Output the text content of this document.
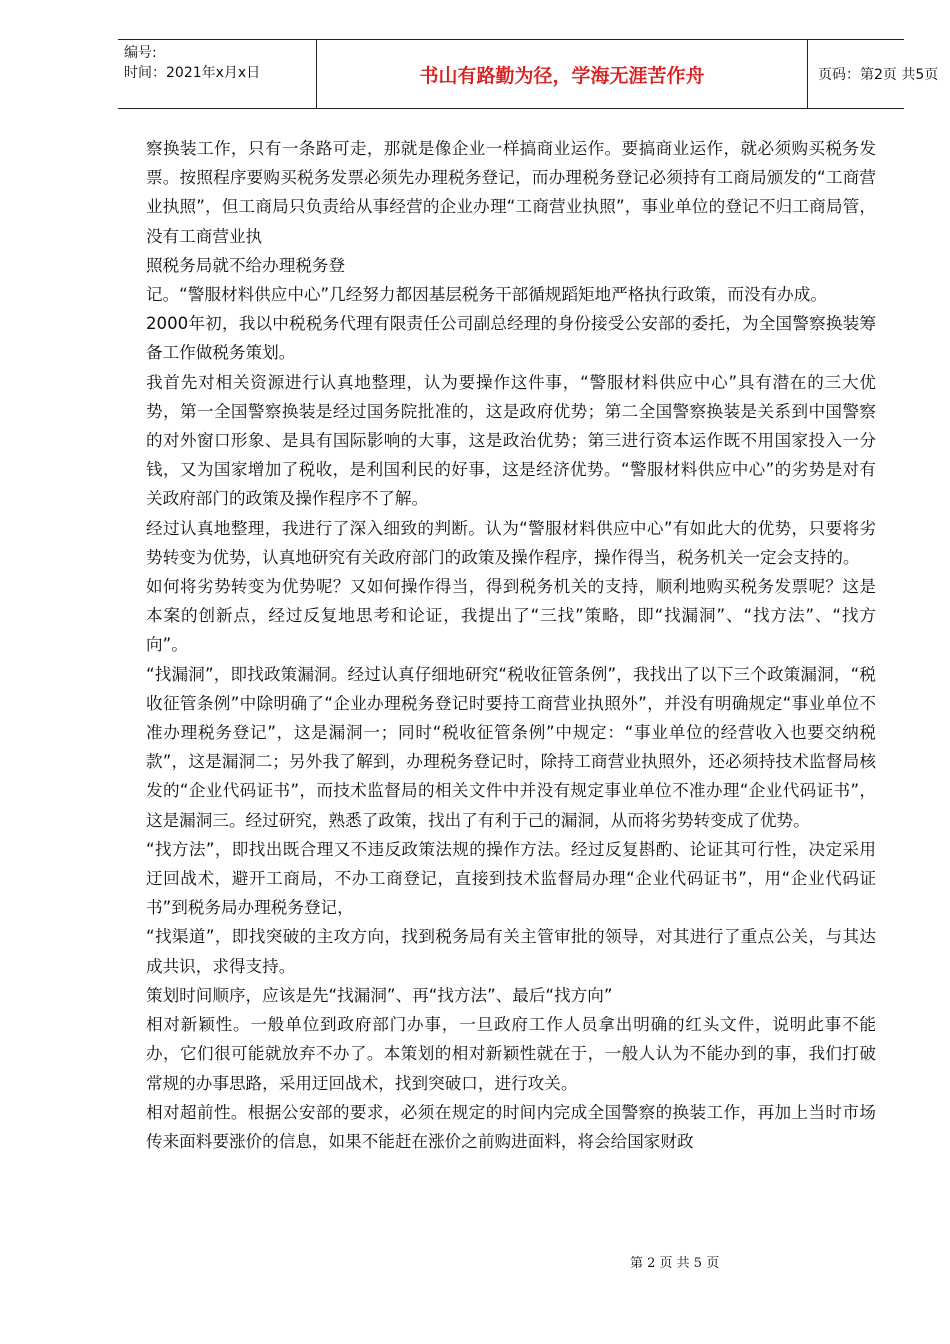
编号:
时间：2021年x月x日	书山有路勤为径，学海无涯苦作舟	页码：第2页 共5页

察换装工作，只有一条路可走，那就是像企业一样搞商业运作。要搞商业运作，就必须购买税务发票。按照程序要购买税务发票必须先办理税务登记，而办理税务登记必须持有工商局颁发的“工商营业执照”，但工商局只负责给从事经营的企业办理“工商营业执照”，事业单位的登记不归工商局管，没有工商营业执

照税务局就不给办理税务登

记。“警服材料供应中心”几经努力都因基层税务干部循规蹈矩地严格执行政策，而没有办成。

2000年初，我以中税税务代理有限责任公司副总经理的身份接受公安部的委托，为全国警察换装筹备工作做税务策划。

我首先对相关资源进行认真地整理，认为要操作这件事，“警服材料供应中心”具有潜在的三大优势，第一全国警察换装是经过国务院批准的，这是政府优势；第二全国警察换装是关系到中国警察的对外窗口形象、是具有国际影响的大事，这是政治优势；第三进行资本运作既不用国家投入一分钱，又为国家增加了税收，是利国利民的好事，这是经济优势。“警服材料供应中心”的劣势是对有关政府部门的政策及操作程序不了解。

经过认真地整理，我进行了深入细致的判断。认为“警服材料供应中心”有如此大的优势，只要将劣势转变为优势，认真地研究有关政府部门的政策及操作程序，操作得当，税务机关一定会支持的。

如何将劣势转变为优势呢？又如何操作得当，得到税务机关的支持，顺利地购买税务发票呢？这是本案的创新点，经过反复地思考和论证，我提出了“三找”策略，即“找漏洞”、“找方法”、“找方向”。

“找漏洞”，即找政策漏洞。经过认真仔细地研究“税收征管条例”，我找出了以下三个政策漏洞，“税收征管条例”中除明确了“企业办理税务登记时要持工商营业执照外”，并没有明确规定“事业单位不准办理税务登记”，这是漏洞一；同时“税收征管条例”中规定：“事业单位的经营收入也要交纳税款”，这是漏洞二；另外我了解到，办理税务登记时，除持工商营业执照外，还必须持技术监督局核发的“企业代码证书”，而技术监督局的相关文件中并没有规定事业单位不准办理“企业代码证书”，这是漏洞三。经过研究，熟悉了政策，找出了有利于己的漏洞，从而将劣势转变成了优势。

“找方法”，即找出既合理又不违反政策法规的操作方法。经过反复斟酌、论证其可行性，决定采用迂回战术，避开工商局，不办工商登记，直接到技术监督局办理“企业代码证书”，用“企业代码证书”到税务局办理税务登记，

“找渠道”，即找突破的主攻方向，找到税务局有关主管审批的领导，对其进行了重点公关，与其达成共识，求得支持。

策划时间顺序，应该是先“找漏洞”、再“找方法”、最后“找方向”

相对新颖性。一般单位到政府部门办事，一旦政府工作人员拿出明确的红头文件，说明此事不能办，它们很可能就放弃不办了。本策划的相对新颖性就在于，一般人认为不能办到的事，我们打破常规的办事思路，采用迂回战术，找到突破口，进行攻关。

相对超前性。根据公安部的要求，必须在规定的时间内完成全国警察的换装工作，再加上当时市场传来面料要涨价的信息，如果不能赶在涨价之前购进面料，将会给国家财政

第 2 页 共 5 页
